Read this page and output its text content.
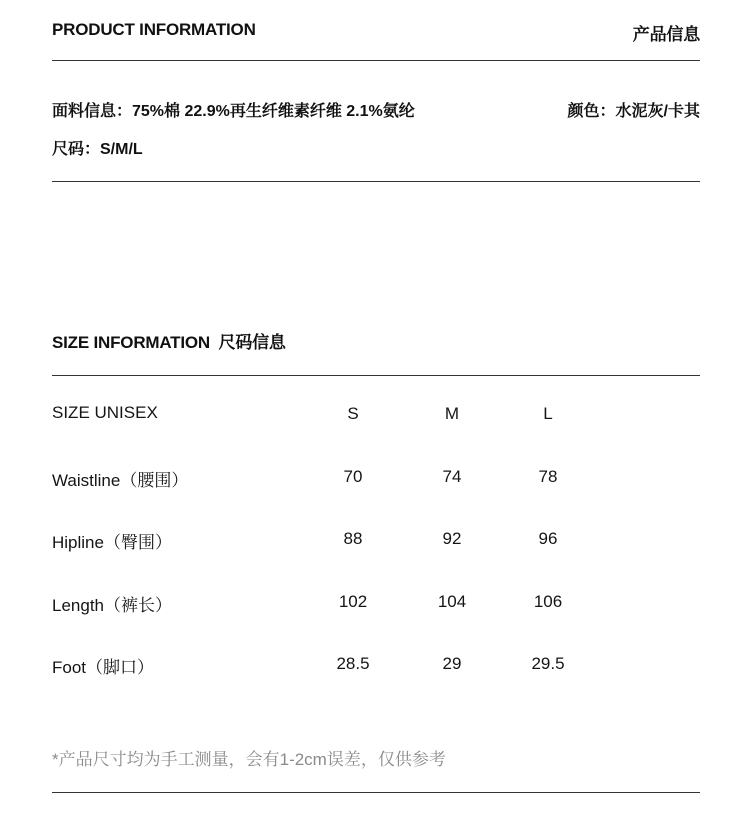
PRODUCT INFORMATION	产品信息
面料信息：75%棉 22.9%再生纤维素纤维 2.1%氨纶	颜色：水泥灰/卡其
尺码：S/M/L
SIZE INFORMATION 尺码信息
SIZE UNISEX	S	M	L
Waistline（腰围）	70	74	78
Hipline（臀围）	88	92	96
Length（裤长）	102	104	106
Foot（脚口）	28.5	29	29.5
*产品尺寸均为手工测量，会有1-2cm误差，仅供参考
